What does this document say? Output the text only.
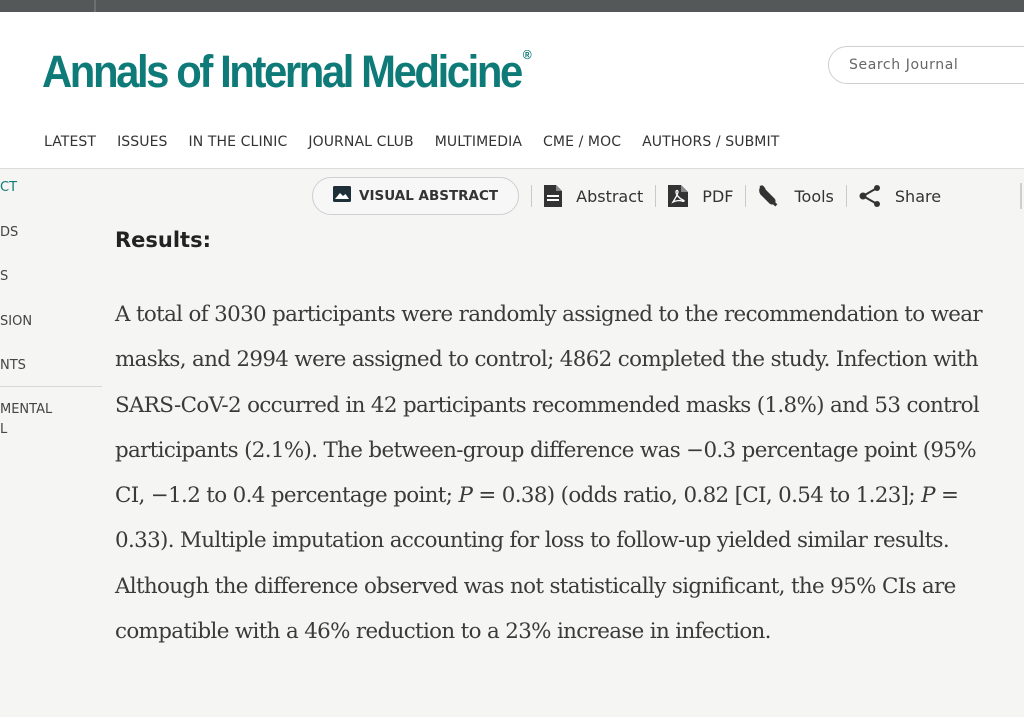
Annals of Internal Medicine ®
Search Journal
LATEST ISSUES IN THE CLINIC JOURNAL CLUB MULTIMEDIA CME / MOC AUTHORS / SUBMIT
CT
DS
S
SION
NTS
MENTAL
L
VISUAL ABSTRACT	Abstract	PDF	Tools	Share
Results:

A total of 3030 participants were randomly assigned to the recommendation to wear masks, and 2994 were assigned to control; 4862 completed the study. Infection with SARS-CoV-2 occurred in 42 participants recommended masks (1.8%) and 53 control participants (2.1%). The between-group difference was −0.3 percentage point (95% CI, −1.2 to 0.4 percentage point; P = 0.38) (odds ratio, 0.82 [CI, 0.54 to 1.23]; P = 0.33). Multiple imputation accounting for loss to follow-up yielded similar results. Although the difference observed was not statistically significant, the 95% CIs are compatible with a 46% reduction to a 23% increase in infection.
